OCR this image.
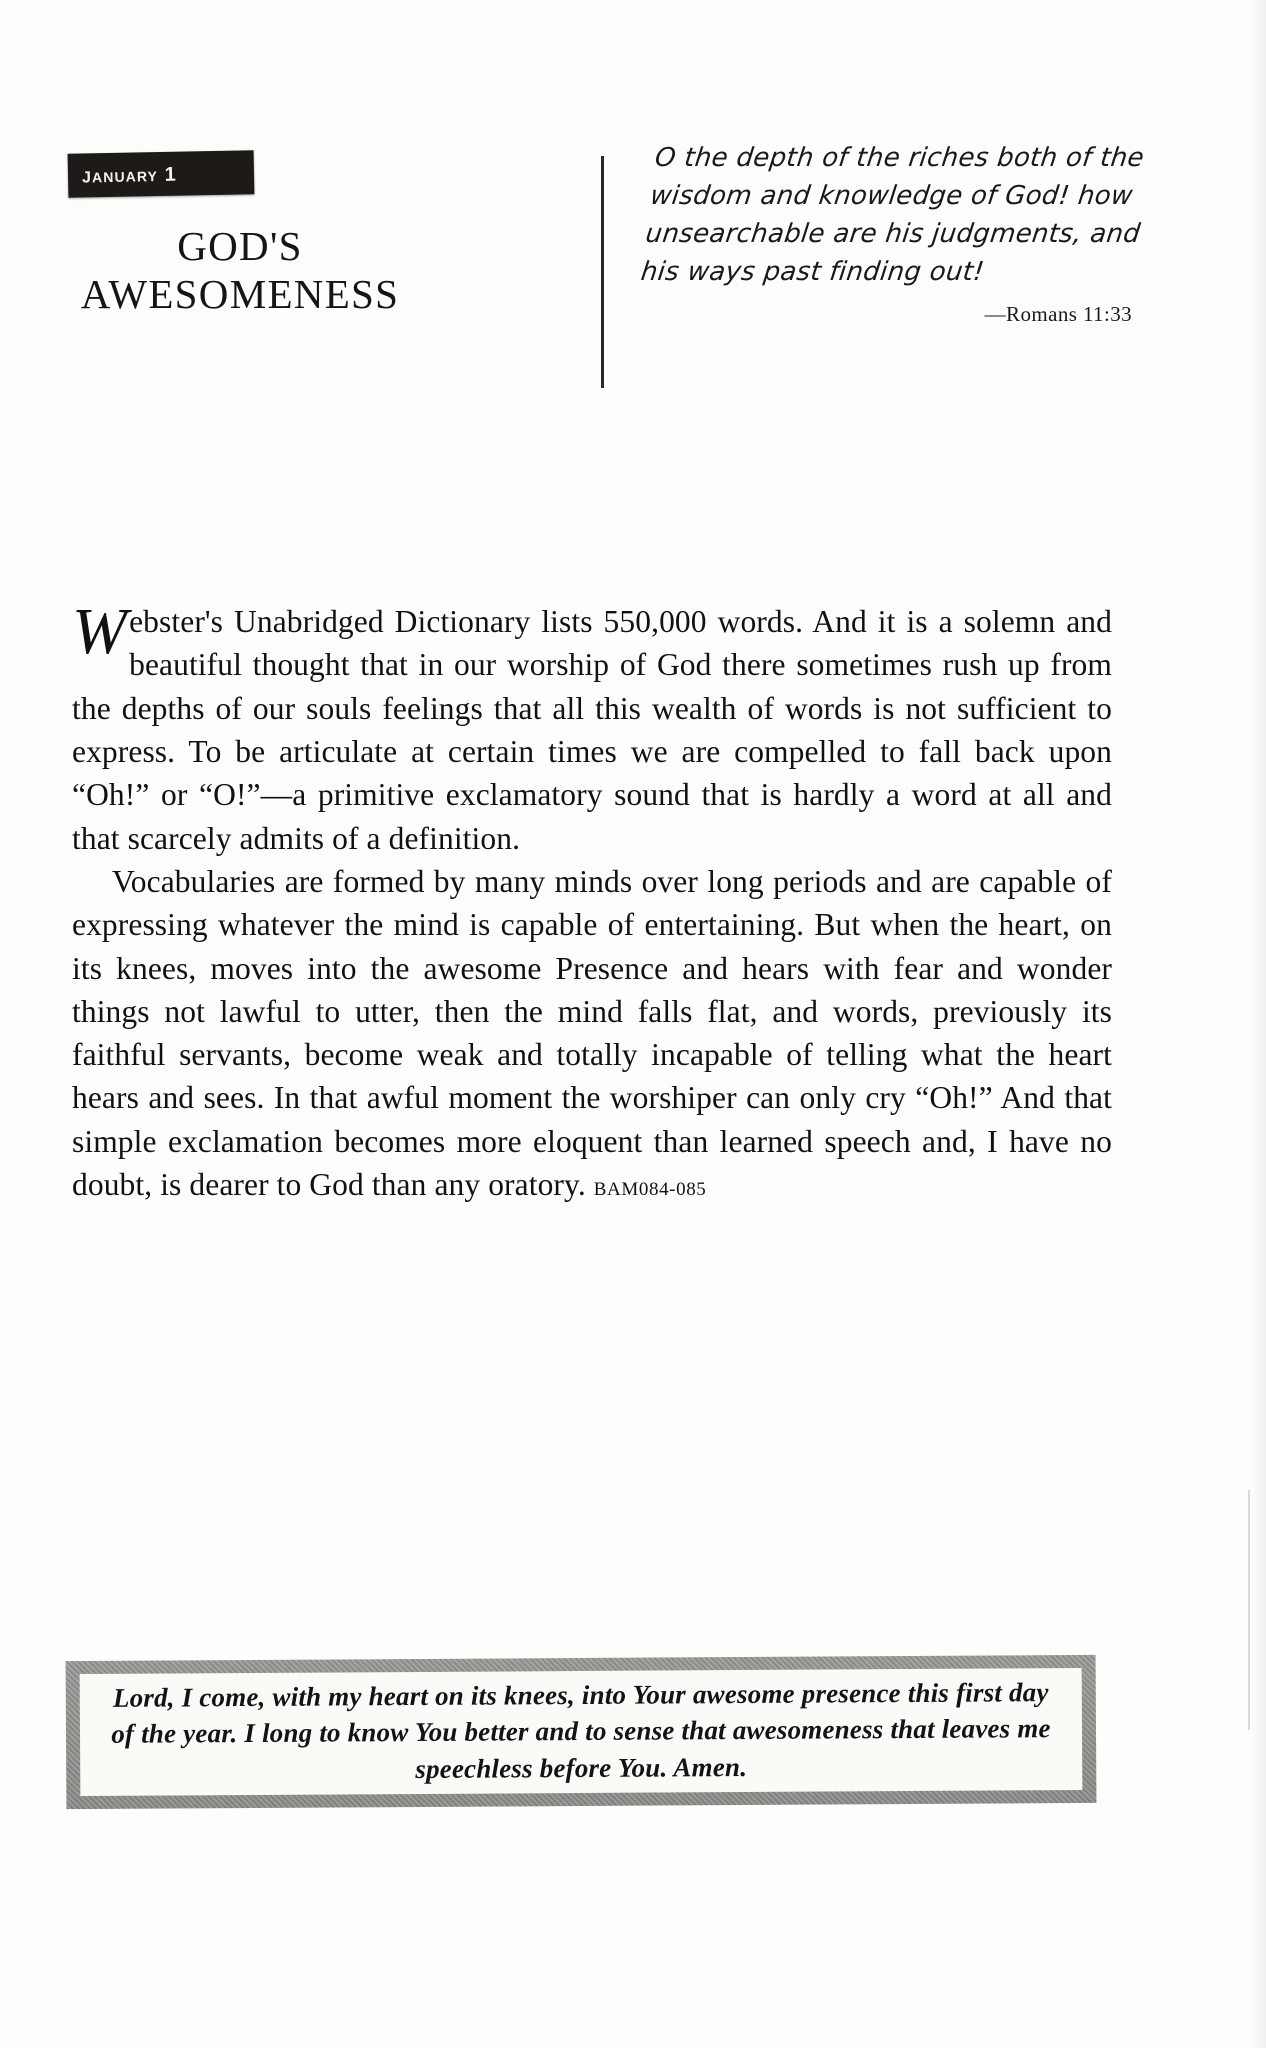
january 1
GOD'S
AWESOMENESS
O the depth of the riches both of the wisdom and knowledge of God! how unsearchable are his judgments, and his ways past finding out!
—Romans 11:33

Webster's Unabridged Dictionary lists 550,000 words. And it is a solemn and beautiful thought that in our worship of God there sometimes rush up from the depths of our souls feelings that all this wealth of words is not sufficient to express. To be articulate at certain times we are compelled to fall back upon “Oh!” or “O!”—a primitive exclamatory sound that is hardly a word at all and that scarcely admits of a definition.

Vocabularies are formed by many minds over long periods and are capable of expressing whatever the mind is capable of entertaining. But when the heart, on its knees, moves into the awesome Presence and hears with fear and wonder things not lawful to utter, then the mind falls flat, and words, previously its faithful servants, become weak and totally incapable of telling what the heart hears and sees. In that awful moment the worshiper can only cry “Oh!” And that simple exclamation becomes more eloquent than learned speech and, I have no doubt, is dearer to God than any oratory. BAM084-085

Lord, I come, with my heart on its knees, into Your awesome presence this first day of the year. I long to know You better and to sense that awesomeness that leaves me speechless before You. Amen.
